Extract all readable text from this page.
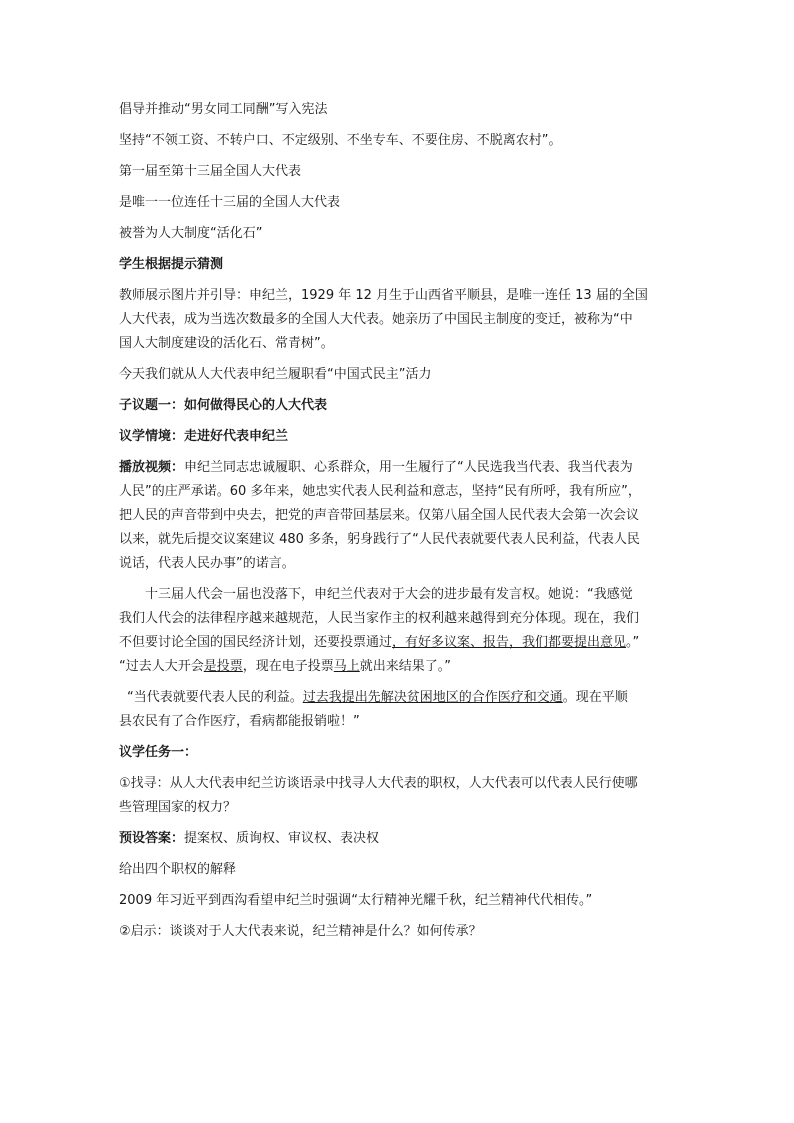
倡导并推动“男女同工同酬”写入宪法

坚持“不领工资、不转户口、不定级别、不坐专车、不要住房、不脱离农村”。

第一届至第十三届全国人大代表

是唯一一位连任十三届的全国人大代表

被誉为人大制度“活化石”

学生根据提示猜测

教师展示图片并引导：申纪兰，1929 年 12 月生于山西省平顺县，是唯一连任 13 届的全国
人大代表，成为当选次数最多的全国人大代表。她亲历了中国民主制度的变迁，被称为“中
国人大制度建设的活化石、常青树”。

今天我们就从人大代表申纪兰履职看“中国式民主”活力

子议题一：如何做得民心的人大代表

议学情境：走进好代表申纪兰

播放视频：申纪兰同志忠诚履职、心系群众，用一生履行了“人民选我当代表、我当代表为
人民”的庄严承诺。60 多年来，她忠实代表人民利益和意志，坚持“民有所呼，我有所应”，
把人民的声音带到中央去，把党的声音带回基层来。仅第八届全国人民代表大会第一次会议
以来，就先后提交议案建议 480 多条，躬身践行了“人民代表就要代表人民利益，代表人民
说话，代表人民办事”的诺言。
十三届人代会一届也没落下，申纪兰代表对于大会的进步最有发言权。她说：“我感觉
我们人代会的法律程序越来越规范，人民当家作主的权利越来越得到充分体现。现在，我们
不但要讨论全国的国民经济计划，还要投票通过，有好多议案、报告，我们都要提出意见。”
“过去人大开会是投票，现在电子投票马上就出来结果了。”
“当代表就要代表人民的利益。过去我提出先解决贫困地区的合作医疗和交通。现在平顺
县农民有了合作医疗，看病都能报销啦！”

议学任务一：

①找寻：从人大代表申纪兰访谈语录中找寻人大代表的职权，人大代表可以代表人民行使哪
些管理国家的权力？

预设答案：提案权、质询权、审议权、表决权

给出四个职权的解释

2009 年习近平到西沟看望申纪兰时强调“太行精神光耀千秋，纪兰精神代代相传。”

②启示：谈谈对于人大代表来说，纪兰精神是什么？如何传承？
